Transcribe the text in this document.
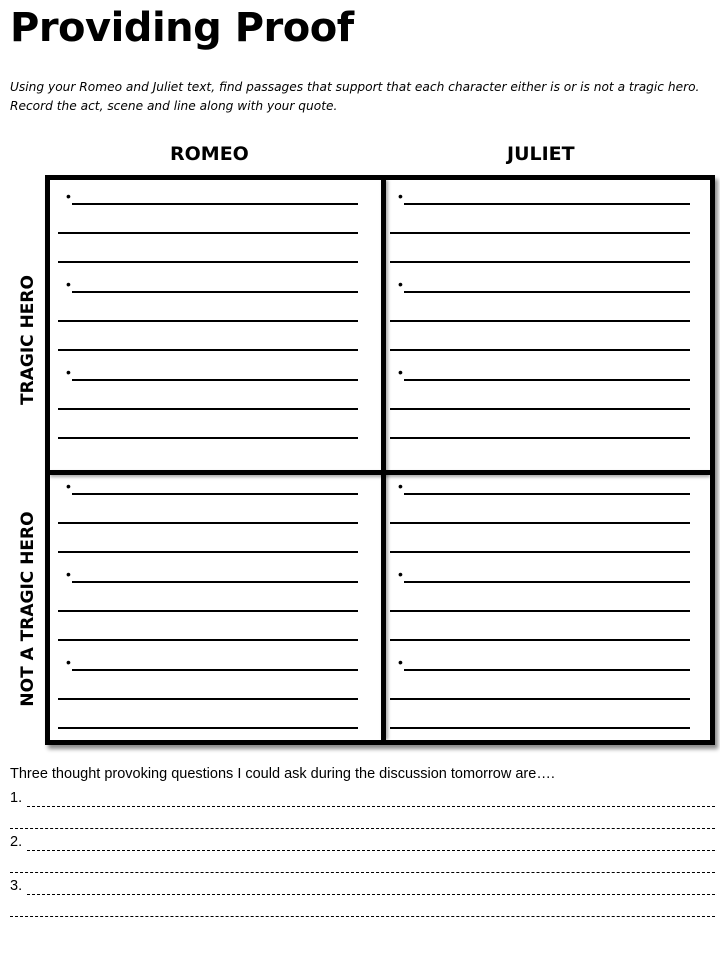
Providing Proof

Using your Romeo and Juliet text, find passages that support that each character either is or is not a tragic hero. Record the act, scene and line along with your quote.

ROMEO	JULIET
TRAGIC HERO
NOT A TRAGIC HERO
•
•
•
•
•
•
•
•
•
•
•
•

Three thought provoking questions I could ask during the discussion tomorrow are….

1.
2.
3.
